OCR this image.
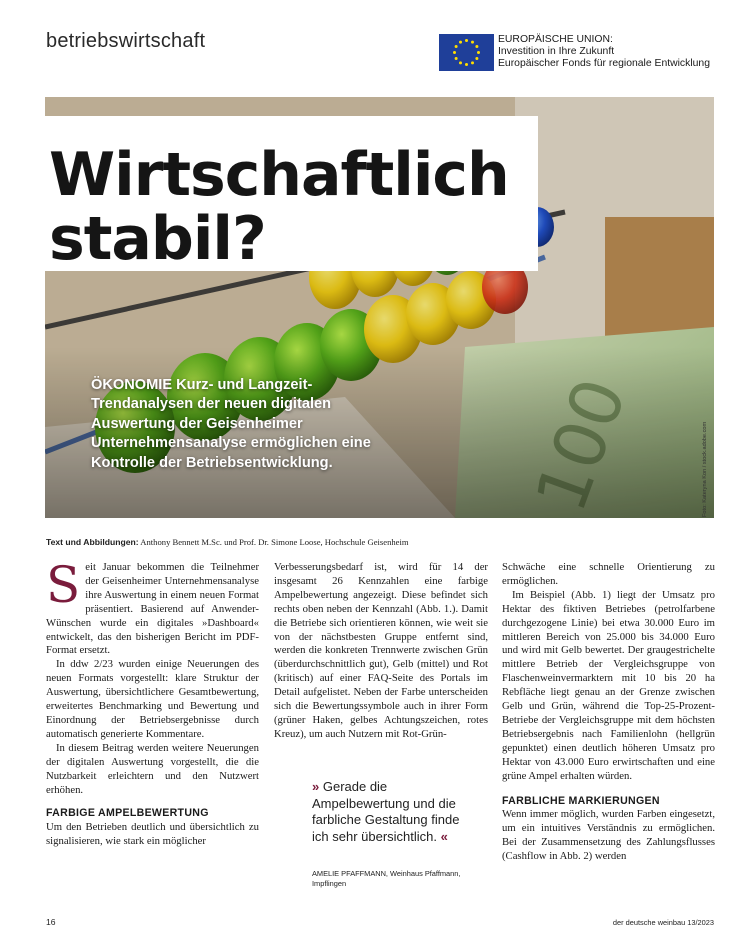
betriebswirtschaft	EUROPÄISCHE UNION:
Investition in Ihre Zukunft
Europäischer Fonds für regionale Entwicklung
Wirtschaftlich
stabil?
ÖKONOMIE Kurz- und Langzeit-Trendanalysen der neuen digitalen Auswertung der Geisenheimer Unternehmensanalyse ermöglichen eine Kontrolle der Betriebsentwicklung.	Foto: Kateryna Kon / stock.adobe.com
Text und Abbildungen: Anthony Bennett M.Sc. und Prof. Dr. Simone Loose, Hochschule Geisenheim

Seit Januar bekommen die Teilnehmer der Geisenheimer Unternehmensanalyse ihre Auswertung in einem neuen Format präsentiert. Basierend auf Anwender-Wünschen wurde ein digitales »Dashboard« entwickelt, das den bisherigen Bericht im PDF-Format ersetzt.

In ddw 2/23 wurden einige Neuerungen des neuen Formats vorgestellt: klare Struktur der Auswertung, übersichtlichere Gesamtbewertung, erweitertes Benchmarking und Bewertung und Einordnung der Betriebsergebnisse durch automatisch generierte Kommentare.

In diesem Beitrag werden weitere Neuerungen der digitalen Auswertung vorgestellt, die die Nutzbarkeit erleichtern und den Nutzwert erhöhen.

FARBIGE AMPELBEWERTUNG

Um den Betrieben deutlich und übersichtlich zu signalisieren, wie stark ein möglicher

Verbesserungsbedarf ist, wird für 14 der insgesamt 26 Kennzahlen eine farbige Ampelbewertung angezeigt. Diese befindet sich rechts oben neben der Kennzahl (Abb. 1.). Damit die Betriebe sich orientieren können, wie weit sie von der nächstbesten Gruppe entfernt sind, werden die konkreten Trennwerte zwischen Grün (überdurchschnittlich gut), Gelb (mittel) und Rot (kritisch) auf einer FAQ-Seite des Portals im Detail aufgelistet. Neben der Farbe unterscheiden sich die Bewertungssymbole auch in ihrer Form (grüner Haken, gelbes Achtungszeichen, rotes Kreuz), um auch Nutzern mit Rot-Grün-

» Gerade die Ampelbewertung und die farbliche Gestaltung finde ich sehr übersichtlich. «
AMELIE PFAFFMANN, Weinhaus Pfaffmann, Impflingen

Schwäche eine schnelle Orientierung zu ermöglichen.

Im Beispiel (Abb. 1) liegt der Umsatz pro Hektar des fiktiven Betriebes (petrolfarbene durchgezogene Linie) bei etwa 30.000 Euro im mittleren Bereich von 25.000 bis 34.000 Euro und wird mit Gelb bewertet. Der graugestrichelte mittlere Betrieb der Vergleichsgruppe von Flaschenweinvermarktern mit 10 bis 20 ha Rebfläche liegt genau an der Grenze zwischen Gelb und Grün, während die Top-25-Prozent-Betriebe der Vergleichsgruppe mit dem höchsten Betriebsergebnis nach Familienlohn (hellgrün gepunktet) einen deutlich höheren Umsatz pro Hektar von 43.000 Euro erwirtschaften und eine grüne Ampel erhalten würden.

FARBLICHE MARKIERUNGEN

Wenn immer möglich, wurden Farben eingesetzt, um ein intuitives Verständnis zu ermöglichen. Bei der Zusammensetzung des Zahlungsflusses (Cashflow in Abb. 2) werden

16	der deutsche weinbau 13/2023
